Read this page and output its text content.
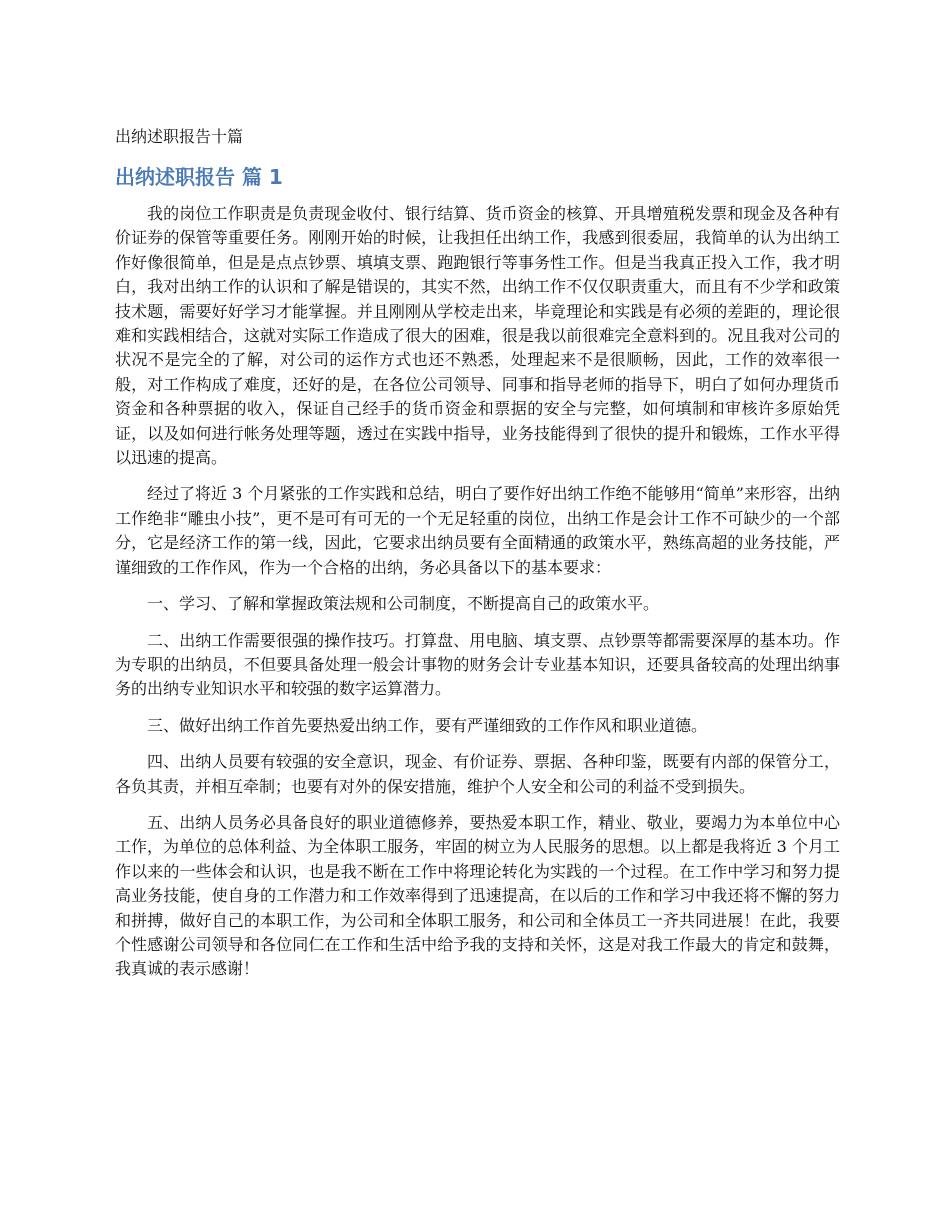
出纳述职报告十篇
出纳述职报告 篇 1

我的岗位工作职责是负责现金收付、银行结算、货币资金的核算、开具增殖税发票和现金及各种有价证券的保管等重要任务。刚刚开始的时候，让我担任出纳工作，我感到很委屈，我简单的认为出纳工作好像很简单，但是是点点钞票、填填支票、跑跑银行等事务性工作。但是当我真正投入工作，我才明白，我对出纳工作的认识和了解是错误的，其实不然，出纳工作不仅仅职责重大，而且有不少学和政策技术题，需要好好学习才能掌握。并且刚刚从学校走出来，毕竟理论和实践是有必须的差距的，理论很难和实践相结合，这就对实际工作造成了很大的困难，很是我以前很难完全意料到的。况且我对公司的状况不是完全的了解，对公司的运作方式也还不熟悉，处理起来不是很顺畅，因此，工作的效率很一般，对工作构成了难度，还好的是，在各位公司领导、同事和指导老师的指导下，明白了如何办理货币资金和各种票据的收入，保证自己经手的货币资金和票据的安全与完整，如何填制和审核许多原始凭证，以及如何进行帐务处理等题，透过在实践中指导，业务技能得到了很快的提升和锻炼，工作水平得以迅速的提高。

经过了将近 3 个月紧张的工作实践和总结，明白了要作好出纳工作绝不能够用“简单”来形容，出纳工作绝非“雕虫小技”，更不是可有可无的一个无足轻重的岗位，出纳工作是会计工作不可缺少的一个部分，它是经济工作的第一线，因此，它要求出纳员要有全面精通的政策水平，熟练高超的业务技能，严谨细致的工作作风，作为一个合格的出纳，务必具备以下的基本要求：

一、学习、了解和掌握政策法规和公司制度，不断提高自己的政策水平。

二、出纳工作需要很强的操作技巧。打算盘、用电脑、填支票、点钞票等都需要深厚的基本功。作为专职的出纳员，不但要具备处理一般会计事物的财务会计专业基本知识，还要具备较高的处理出纳事务的出纳专业知识水平和较强的数字运算潜力。

三、做好出纳工作首先要热爱出纳工作，要有严谨细致的工作作风和职业道德。

四、出纳人员要有较强的安全意识，现金、有价证券、票据、各种印鉴，既要有内部的保管分工，各负其责，并相互牵制；也要有对外的保安措施，维护个人安全和公司的利益不受到损失。

五、出纳人员务必具备良好的职业道德修养，要热爱本职工作，精业、敬业，要竭力为本单位中心工作，为单位的总体利益、为全体职工服务，牢固的树立为人民服务的思想。以上都是我将近 3 个月工作以来的一些体会和认识，也是我不断在工作中将理论转化为实践的一个过程。在工作中学习和努力提高业务技能，使自身的工作潜力和工作效率得到了迅速提高，在以后的工作和学习中我还将不懈的努力和拼搏，做好自己的本职工作，为公司和全体职工服务，和公司和全体员工一齐共同进展！在此，我要个性感谢公司领导和各位同仁在工作和生活中给予我的支持和关怀，这是对我工作最大的肯定和鼓舞，我真诚的表示感谢！
